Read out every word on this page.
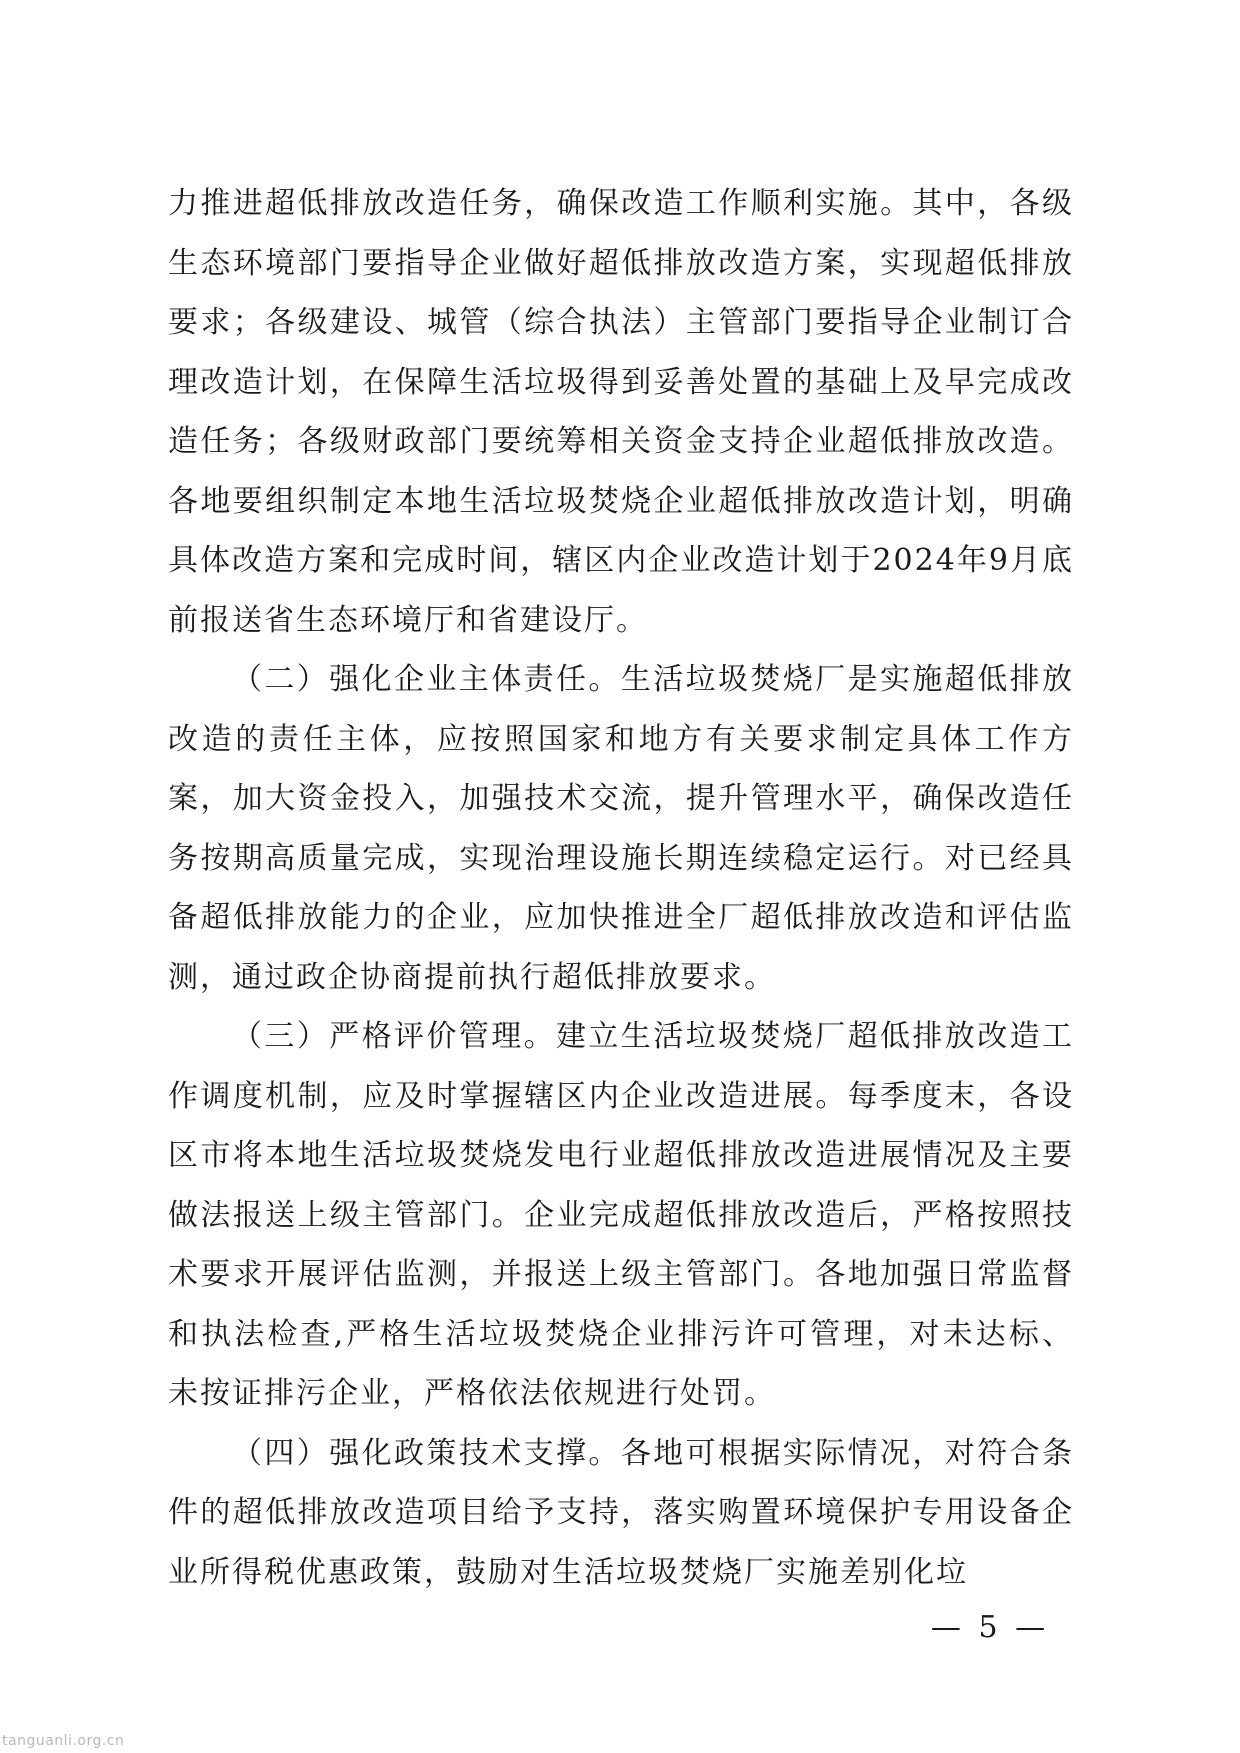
力推进超低排放改造任务，确保改造工作顺利实施。其中，各级生态环境部门要指导企业做好超低排放改造方案，实现超低排放要求；各级建设、城管（综合执法）主管部门要指导企业制订合理改造计划，在保障生活垃圾得到妥善处置的基础上及早完成改造任务；各级财政部门要统筹相关资金支持企业超低排放改造。各地要组织制定本地生活垃圾焚烧企业超低排放改造计划，明确具体改造方案和完成时间，辖区内企业改造计划于2024年9月底前报送省生态环境厅和省建设厅。

（二）强化企业主体责任。生活垃圾焚烧厂是实施超低排放改造的责任主体，应按照国家和地方有关要求制定具体工作方案，加大资金投入，加强技术交流，提升管理水平，确保改造任务按期高质量完成，实现治理设施长期连续稳定运行。对已经具备超低排放能力的企业，应加快推进全厂超低排放改造和评估监测，通过政企协商提前执行超低排放要求。

（三）严格评价管理。建立生活垃圾焚烧厂超低排放改造工作调度机制，应及时掌握辖区内企业改造进展。每季度末，各设区市将本地生活垃圾焚烧发电行业超低排放改造进展情况及主要做法报送上级主管部门。企业完成超低排放改造后，严格按照技术要求开展评估监测，并报送上级主管部门。各地加强日常监督和执法检查,严格生活垃圾焚烧企业排污许可管理，对未达标、未按证排污企业，严格依法依规进行处罚。

（四）强化政策技术支撑。各地可根据实际情况，对符合条件的超低排放改造项目给予支持，落实购置环境保护专用设备企业所得税优惠政策，鼓励对生活垃圾焚烧厂实施差别化垃

— 5 —
tanguanli.org.cn
